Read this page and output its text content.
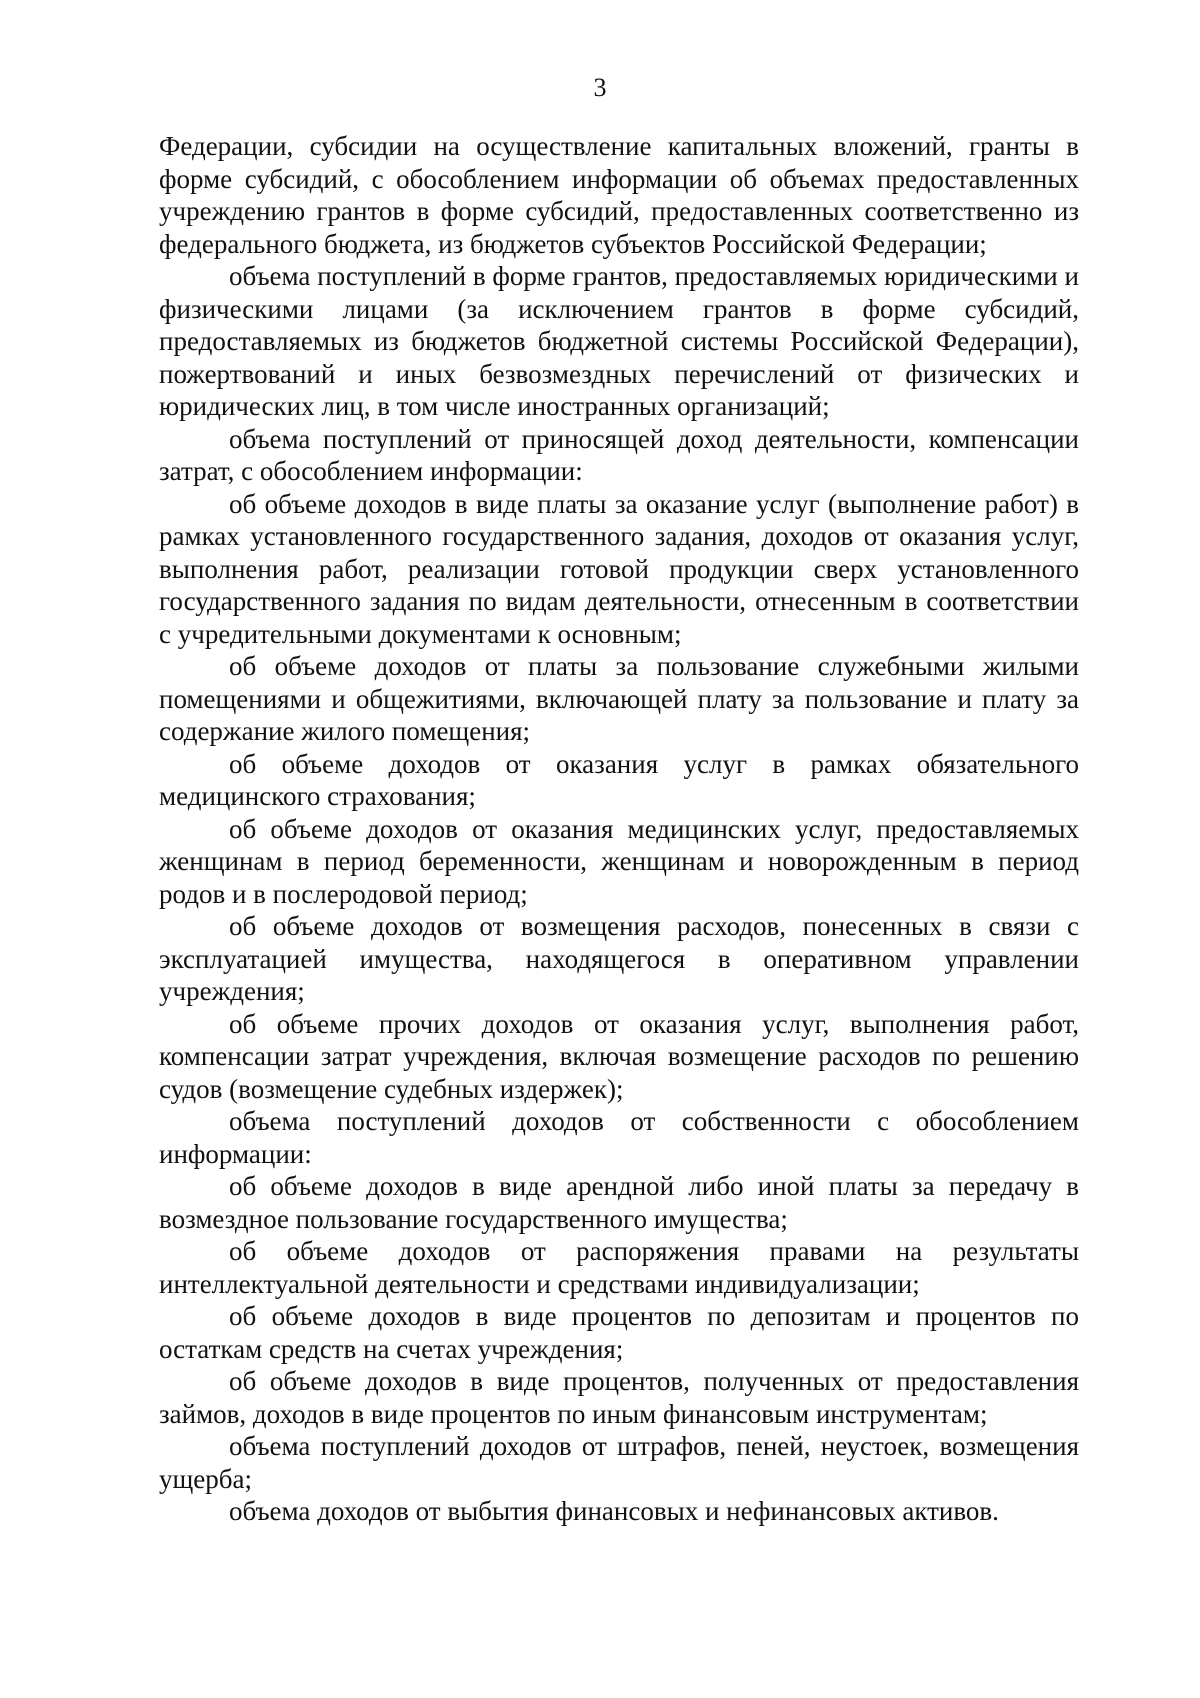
3

Федерации, субсидии на осуществление капитальных вложений, гранты в форме субсидий, с обособлением информации об объемах предоставленных учреждению грантов в форме субсидий, предоставленных соответственно из федерального бюджета, из бюджетов субъектов Российской Федерации;

объема поступлений в форме грантов, предоставляемых юридическими и физическими лицами (за исключением грантов в форме субсидий, предоставляемых из бюджетов бюджетной системы Российской Федерации), пожертвований и иных безвозмездных перечислений от физических и юридических лиц, в том числе иностранных организаций;

объема поступлений от приносящей доход деятельности, компенсации затрат, с обособлением информации:

об объеме доходов в виде платы за оказание услуг (выполнение работ) в рамках установленного государственного задания, доходов от оказания услуг, выполнения работ, реализации готовой продукции сверх установленного государственного задания по видам деятельности, отнесенным в соответствии с учредительными документами к основным;

об объеме доходов от платы за пользование служебными жилыми помещениями и общежитиями, включающей плату за пользование и плату за содержание жилого помещения;

об объеме доходов от оказания услуг в рамках обязательного медицинского страхования;

об объеме доходов от оказания медицинских услуг, предоставляемых женщинам в период беременности, женщинам и новорожденным в период родов и в послеродовой период;

об объеме доходов от возмещения расходов, понесенных в связи с эксплуатацией имущества, находящегося в оперативном управлении учреждения;

об объеме прочих доходов от оказания услуг, выполнения работ, компенсации затрат учреждения, включая возмещение расходов по решению судов (возмещение судебных издержек);

объема поступлений доходов от собственности с обособлением информации:

об объеме доходов в виде арендной либо иной платы за передачу в возмездное пользование государственного имущества;

об объеме доходов от распоряжения правами на результаты интеллектуальной деятельности и средствами индивидуализации;

об объеме доходов в виде процентов по депозитам и процентов по остаткам средств на счетах учреждения;

об объеме доходов в виде процентов, полученных от предоставления займов, доходов в виде процентов по иным финансовым инструментам;

объема поступлений доходов от штрафов, пеней, неустоек, возмещения ущерба;

объема доходов от выбытия финансовых и нефинансовых активов.
